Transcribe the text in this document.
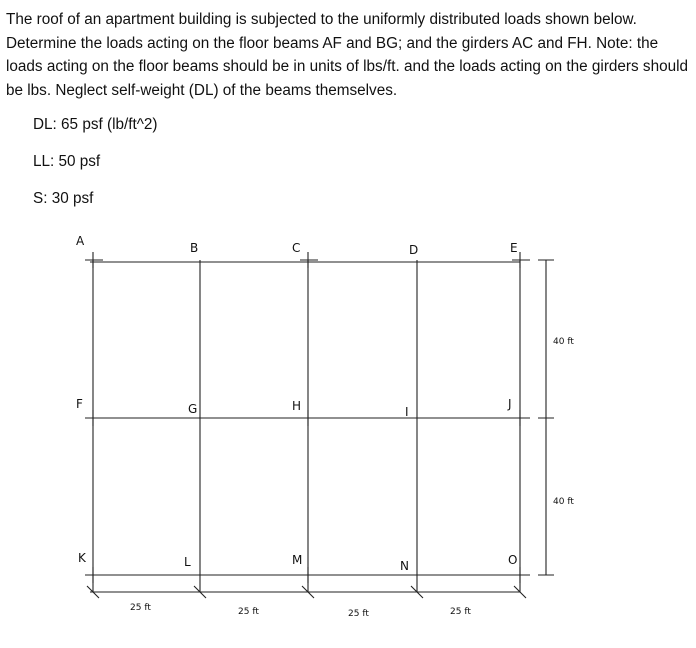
The roof of an apartment building is subjected to the uniformly distributed loads shown below. Determine the loads acting on the floor beams AF and BG; and the girders AC and FH. Note: the loads acting on the floor beams should be in units of lbs/ft. and the loads acting on the girders should be lbs. Neglect self-weight (DL) of the beams themselves.

DL: 65 psf (lb/ft^2)
LL: 50 psf
S: 30 psf
A	B	C	D	E
F	G	H	I
J
K	L	M	N	O
25 ft	25 ft	25 ft	25 ft
40 ft
40 ft
